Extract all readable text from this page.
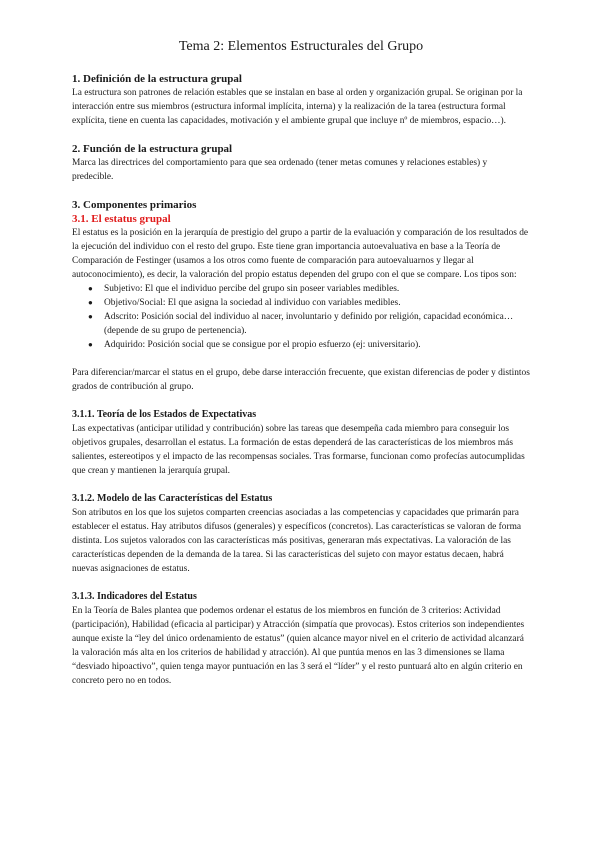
Tema 2: Elementos Estructurales del Grupo
1. Definición de la estructura grupal

La estructura son patrones de relación estables que se instalan en base al orden y organización grupal. Se originan por la interacción entre sus miembros (estructura informal implícita, interna) y la realización de la tarea (estructura formal explícita, tiene en cuenta las capacidades, motivación y el ambiente grupal que incluye nº de miembros, espacio…).

2. Función de la estructura grupal

Marca las directrices del comportamiento para que sea ordenado (tener metas comunes y relaciones estables) y predecible.

3. Componentes primarios
3.1. El estatus grupal

El estatus es la posición en la jerarquía de prestigio del grupo a partir de la evaluación y comparación de los resultados de la ejecución del individuo con el resto del grupo. Este tiene gran importancia autoevaluativa en base a la Teoría de Comparación de Festinger (usamos a los otros como fuente de comparación para autoevaluarnos y llegar al autoconocimiento), es decir, la valoración del propio estatus dependen del grupo con el que se compare. Los tipos son:

● Subjetivo: El que el individuo percibe del grupo sin poseer variables medibles.
● Objetivo/Social: El que asigna la sociedad al individuo con variables medibles.
● Adscrito: Posición social del individuo al nacer, involuntario y definido por religión, capacidad económica… (depende de su grupo de pertenencia).
● Adquirido: Posición social que se consigue por el propio esfuerzo (ej: universitario).

Para diferenciar/marcar el status en el grupo, debe darse interacción frecuente, que existan diferencias de poder y distintos grados de contribución al grupo.

3.1.1. Teoría de los Estados de Expectativas

Las expectativas (anticipar utilidad y contribución) sobre las tareas que desempeña cada miembro para conseguir los objetivos grupales, desarrollan el estatus. La formación de estas dependerá de las características de los miembros más salientes, estereotipos y el impacto de las recompensas sociales. Tras formarse, funcionan como profecías autocumplidas que crean y mantienen la jerarquía grupal.

3.1.2. Modelo de las Características del Estatus

Son atributos en los que los sujetos comparten creencias asociadas a las competencias y capacidades que primarán para establecer el estatus. Hay atributos difusos (generales) y específicos (concretos). Las características se valoran de forma distinta. Los sujetos valorados con las características más positivas, generaran más expectativas. La valoración de las características dependen de la demanda de la tarea. Si las características del sujeto con mayor estatus decaen, habrá nuevas asignaciones de estatus.

3.1.3. Indicadores del Estatus

En la Teoría de Bales plantea que podemos ordenar el estatus de los miembros en función de 3 criterios: Actividad (participación), Habilidad (eficacia al participar) y Atracción (simpatía que provocas). Estos criterios son independientes aunque existe la “ley del único ordenamiento de estatus” (quien alcance mayor nivel en el criterio de actividad alcanzará la valoración más alta en los criterios de habilidad y atracción). Al que puntúa menos en las 3 dimensiones se llama “desviado hipoactivo”, quien tenga mayor puntuación en las 3 será el “líder” y el resto puntuará alto en algún criterio en concreto pero no en todos.
